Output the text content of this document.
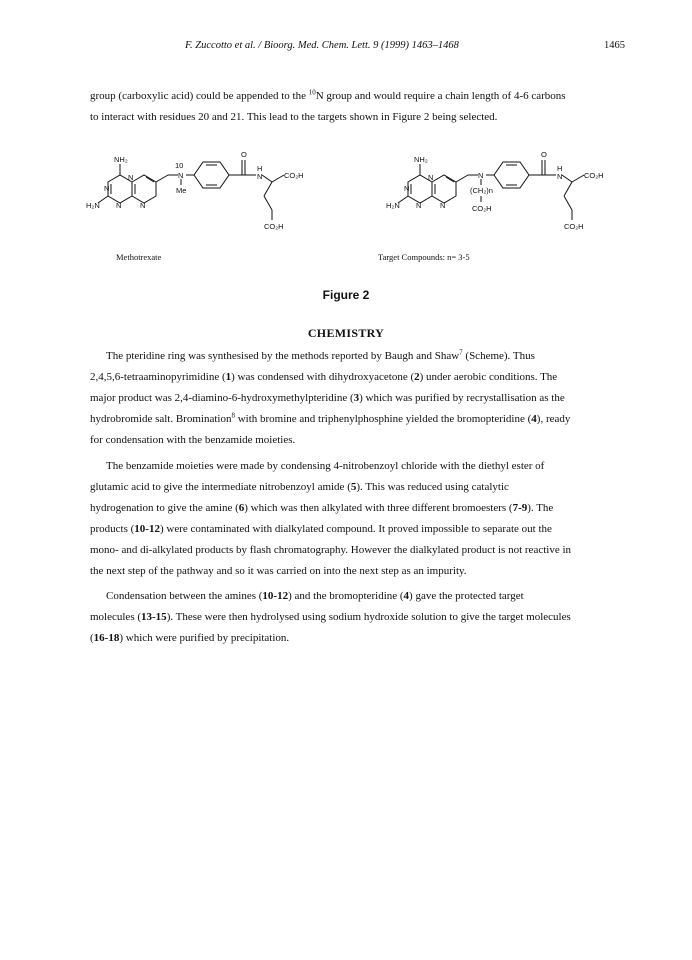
F. Zuccotto et al. / Bioorg. Med. Chem. Lett. 9 (1999) 1463–1468	1465
group (carboxylic acid) could be appended to the $^{10}$N group and would require a chain length of 4-6 carbons
to interact with residues 20 and 21. This lead to the targets shown in Figure 2 being selected.
NH₂
H₂N
N
N
N N
10
N
Me
O
H
N	CO₂H
CO₂H
NH₂
H₂N
N
N
N N
N
(CH₂)n
CO₂H
O
H
N	CO₂H
CO₂H
Methotrexate	Target Compounds: n= 3-5
Figure 2
CHEMISTRY
The pteridine ring was synthesised by the methods reported by Baugh and Shaw$^7$ (Scheme). Thus
2,4,5,6-tetraaminopyrimidine (1) was condensed with dihydroxyacetone (2) under aerobic conditions. The
major product was 2,4-diamino-6-hydroxymethylpteridine (3) which was purified by recrystallisation as the
hydrobromide salt. Bromination$^8$ with bromine and triphenylphosphine yielded the bromopteridine (4), ready
for condensation with the benzamide moieties.
The benzamide moieties were made by condensing 4-nitrobenzoyl chloride with the diethyl ester of
glutamic acid to give the intermediate nitrobenzoyl amide (5). This was reduced using catalytic
hydrogenation to give the amine (6) which was then alkylated with three different bromoesters (7-9). The
products (10-12) were contaminated with dialkylated compound. It proved impossible to separate out the
mono- and di-alkylated products by flash chromatography. However the dialkylated product is not reactive in
the next step of the pathway and so it was carried on into the next step as an impurity.
Condensation between the amines (10-12) and the bromopteridine (4) gave the protected target
molecules (13-15). These were then hydrolysed using sodium hydroxide solution to give the target molecules
(16-18) which were purified by precipitation.
